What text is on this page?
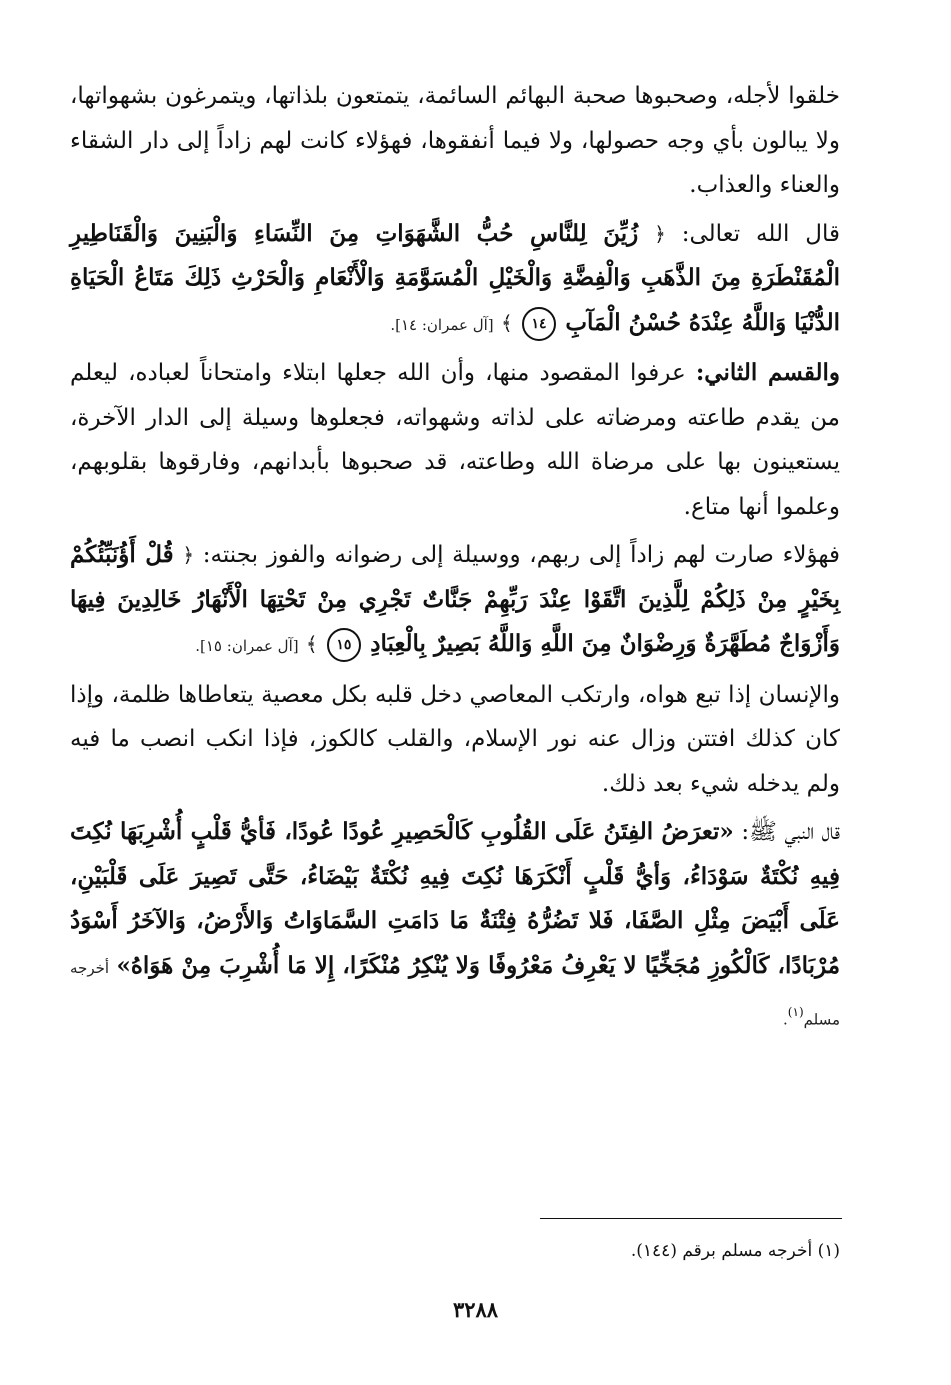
خلقوا لأجله، وصحبوها صحبة البهائم السائمة، يتمتعون بلذاتها، ويتمرغون بشهواتها، ولا يبالون بأي وجه حصولها، ولا فيما أنفقوها، فهؤلاء كانت لهم زاداً إلى دار الشقاء والعناء والعذاب.

قال الله تعالى: ﴿ زُيِّنَ لِلنَّاسِ حُبُّ الشَّهَوَاتِ مِنَ النِّسَاءِ وَالْبَنِينَ وَالْقَنَاطِيرِ الْمُقَنْطَرَةِ مِنَ الذَّهَبِ وَالْفِضَّةِ وَالْخَيْلِ الْمُسَوَّمَةِ وَالْأَنْعَامِ وَالْحَرْثِ ذَلِكَ مَتَاعُ الْحَيَاةِ الدُّنْيَا وَاللَّهُ عِنْدَهُ حُسْنُ الْمَآبِ ١٤ ﴾ [آل عمران: ١٤].

والقسم الثاني: عرفوا المقصود منها، وأن الله جعلها ابتلاء وامتحاناً لعباده، ليعلم من يقدم طاعته ومرضاته على لذاته وشهواته، فجعلوها وسيلة إلى الدار الآخرة، يستعينون بها على مرضاة الله وطاعته، قد صحبوها بأبدانهم، وفارقوها بقلوبهم، وعلموا أنها متاع.

فهؤلاء صارت لهم زاداً إلى ربهم، ووسيلة إلى رضوانه والفوز بجنته: ﴿ قُلْ أَؤُنَبِّئُكُمْ بِخَيْرٍ مِنْ ذَلِكُمْ لِلَّذِينَ اتَّقَوْا عِنْدَ رَبِّهِمْ جَنَّاتٌ تَجْرِي مِنْ تَحْتِهَا الْأَنْهَارُ خَالِدِينَ فِيهَا وَأَزْوَاجٌ مُطَهَّرَةٌ وَرِضْوَانٌ مِنَ اللَّهِ وَاللَّهُ بَصِيرٌ بِالْعِبَادِ ١٥ ﴾ [آل عمران: ١٥].

والإنسان إذا تبع هواه، وارتكب المعاصي دخل قلبه بكل معصية يتعاطاها ظلمة، وإذا كان كذلك افتتن وزال عنه نور الإسلام، والقلب كالكوز، فإذا انكب انصب ما فيه ولم يدخله شيء بعد ذلك.

قال النبي ﷺ: «تعرَضُ الفِتَنُ عَلَى القُلُوبِ كَالْحَصِيرِ عُودًا عُودًا، فَأيُّ قَلْبٍ أُشْرِبَهَا نُكِتَ فِيهِ نُكْتَةٌ سَوْدَاءُ، وَأيُّ قَلْبٍ أَنْكَرَهَا نُكِتَ فِيهِ نُكْتَةٌ بَيْضَاءُ، حَتَّى تَصِيرَ عَلَى قَلْبَيْنِ، عَلَى أَبْيَضَ مِثْلِ الصَّفَا، فَلا تَضُرُّهُ فِتْنَةٌ مَا دَامَتِ السَّمَاوَاتُ وَالأَرْضُ، وَالآخَرُ أَسْوَدُ مُرْبَادًا، كَالْكُوزِ مُجَخِّيًا لا يَعْرِفُ مَعْرُوفًا وَلا يُنْكِرُ مُنْكَرًا، إِلا مَا أُشْرِبَ مِنْ هَوَاهُ» أخرجه مسلم$^{(١)}$.

(١) أخرجه مسلم برقم (١٤٤).
٣٢٨٨
